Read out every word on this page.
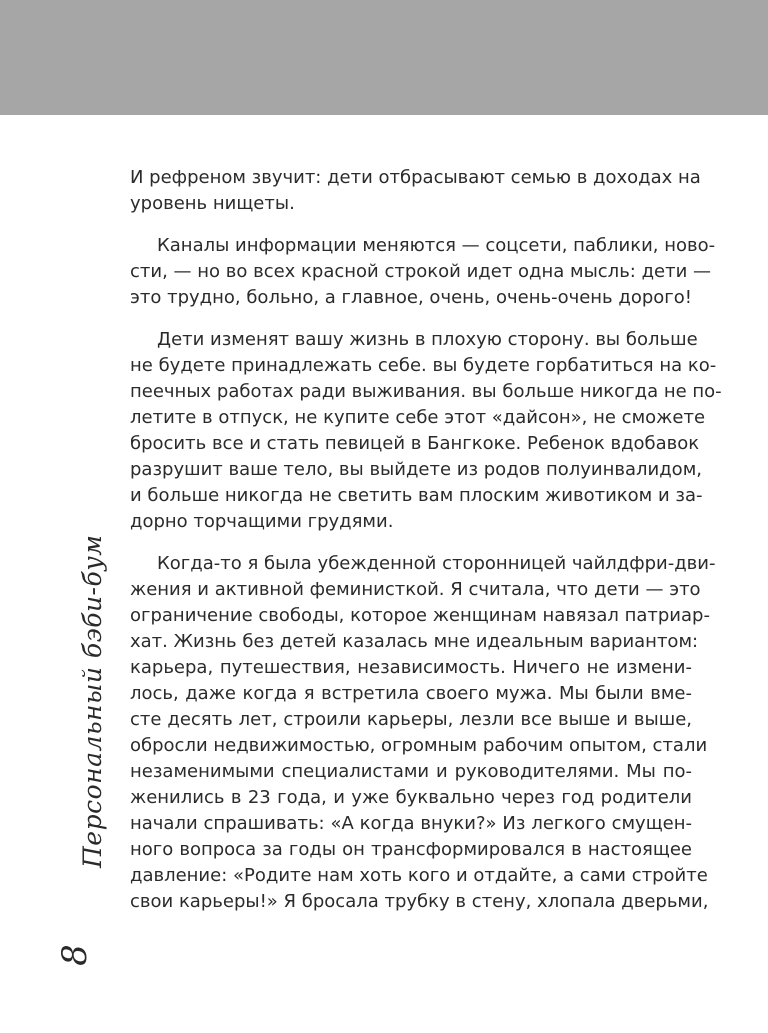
Персональный бэби-бум
8
И рефреном звучит: дети отбрасывают семью в доходах на
уровень нищеты.
Каналы информации меняются — соцсети, паблики, ново-
сти, — но во всех красной строкой идет одна мысль: дети —
это трудно, больно, а главное, очень, очень-очень дорого!
Дети изменят вашу жизнь в плохую сторону. вы больше
не будете принадлежать себе. вы будете горбатиться на ко-
пеечных работах ради выживания. вы больше никогда не по-
летите в отпуск, не купите себе этот «дайсон», не сможете
бросить все и стать певицей в Бангкоке. Ребенок вдобавок
разрушит ваше тело, вы выйдете из родов полуинвалидом,
и больше никогда не светить вам плоским животиком и за-
дорно торчащими грудями.
Когда-то я была убежденной сторонницей чайлдфри-дви-
жения и активной феминисткой. Я считала, что дети — это
ограничение свободы, которое женщинам навязал патриар-
хат. Жизнь без детей казалась мне идеальным вариантом:
карьера, путешествия, независимость. Ничего не измени-
лось, даже когда я встретила своего мужа. Мы были вме-
сте десять лет, строили карьеры, лезли все выше и выше,
обросли недвижимостью, огромным рабочим опытом, стали
незаменимыми специалистами и руководителями. Мы по-
женились в 23 года, и уже буквально через год родители
начали спрашивать: «А когда внуки?» Из легкого смущен-
ного вопроса за годы он трансформировался в настоящее
давление: «Родите нам хоть кого и отдайте, а сами стройте
свои карьеры!» Я бросала трубку в стену, хлопала дверьми,
